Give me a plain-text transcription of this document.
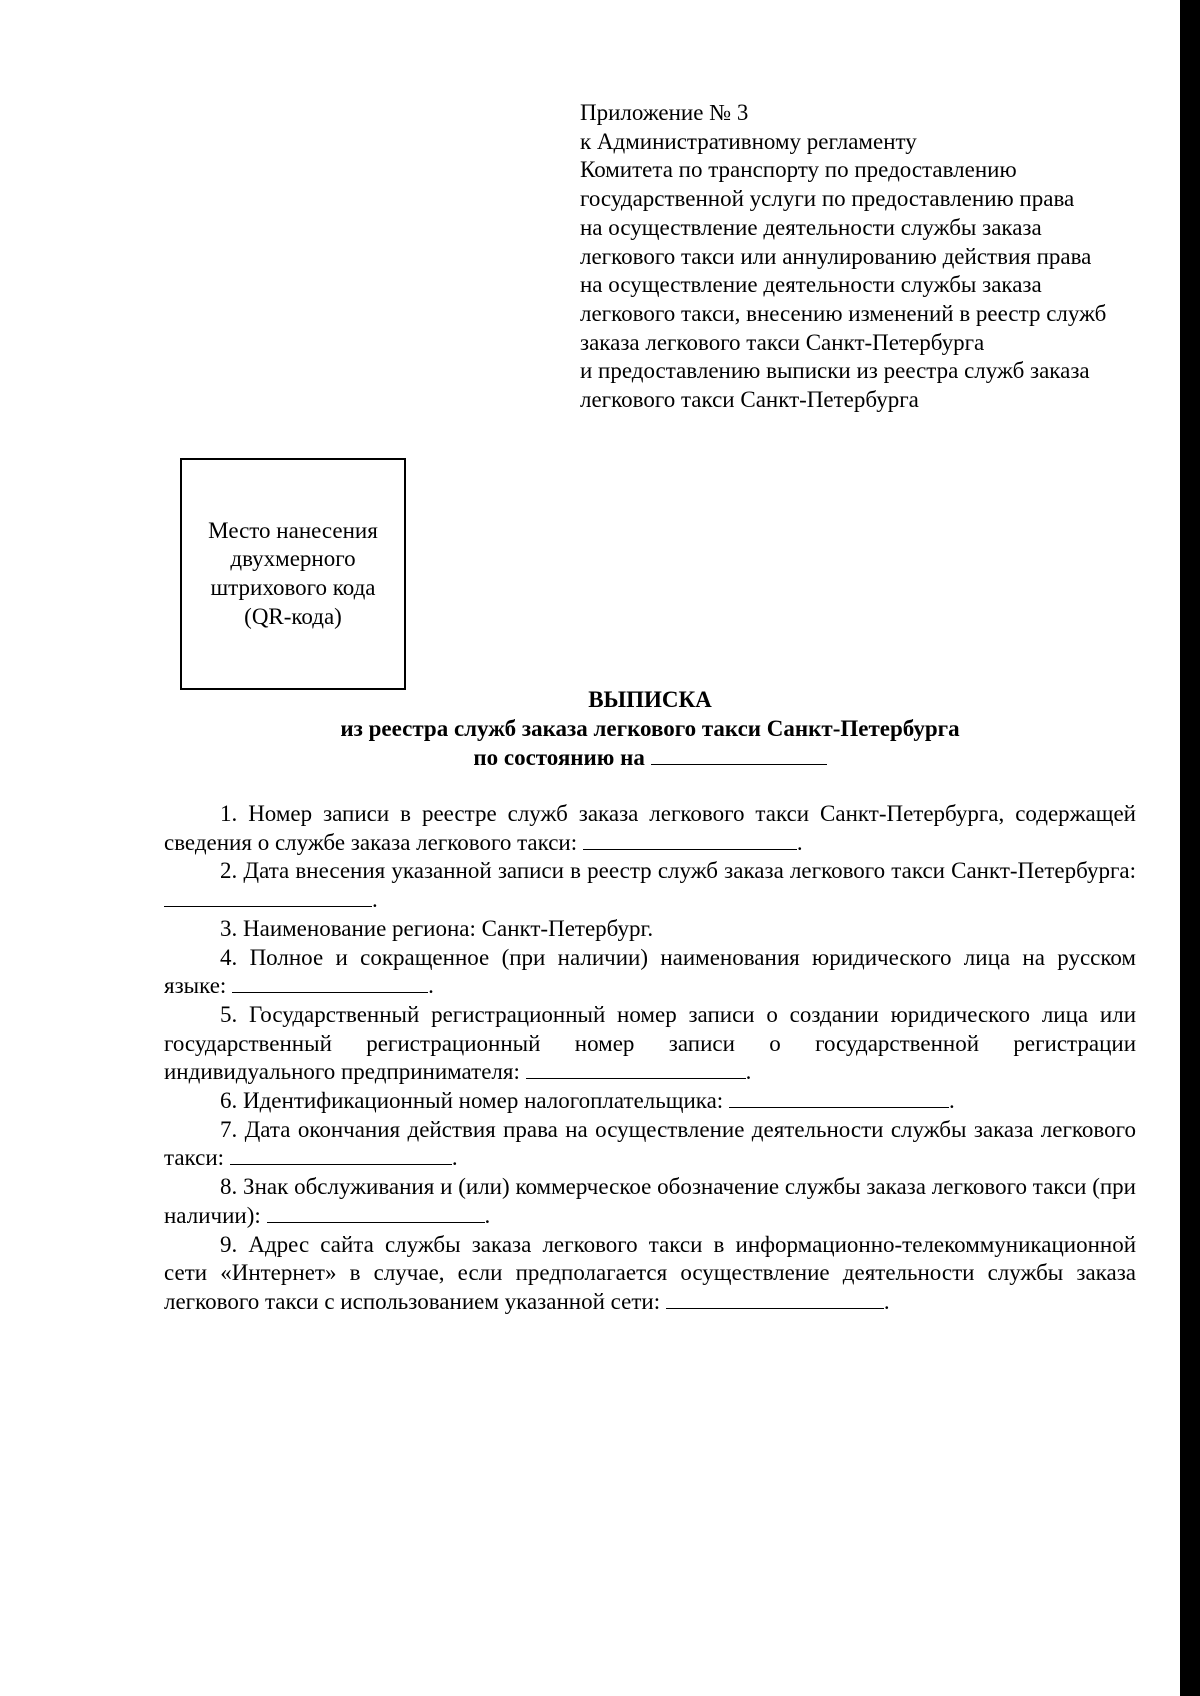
Приложение № 3
к Административному регламенту
Комитета по транспорту по предоставлению
государственной услуги по предоставлению права
на осуществление деятельности службы заказа
легкового такси или аннулированию действия права
на осуществление деятельности службы заказа
легкового такси, внесению изменений в реестр служб
заказа легкового такси Санкт-Петербурга
и предоставлению выписки из реестра служб заказа
легкового такси Санкт-Петербурга
Место нанесения
двухмерного
штрихового кода
(QR-кода)
ВЫПИСКА
из реестра служб заказа легкового такси Санкт-Петербурга
по состоянию на

1. Номер записи в реестре служб заказа легкового такси Санкт-Петербурга, содержащей сведения о службе заказа легкового такси:	.

2. Дата внесения указанной записи в реестр служб заказа легкового такси Санкт-Петербурга: .

3. Наименование региона: Санкт-Петербург.

4. Полное и сокращенное (при наличии) наименования юридического лица на русском языке:	.

5. Государственный регистрационный номер записи о создании юридического лица или государственный регистрационный номер записи о государственной регистрации индивидуального предпринимателя:	.

6. Идентификационный номер налогоплательщика:	.

7. Дата окончания действия права на осуществление деятельности службы заказа легкового такси:	.

8. Знак обслуживания и (или) коммерческое обозначение службы заказа легкового такси (при наличии):	.

9. Адрес сайта службы заказа легкового такси в информационно-телекоммуникационной сети «Интернет» в случае, если предполагается осуществление деятельности службы заказа легкового такси с использованием указанной сети:	.
